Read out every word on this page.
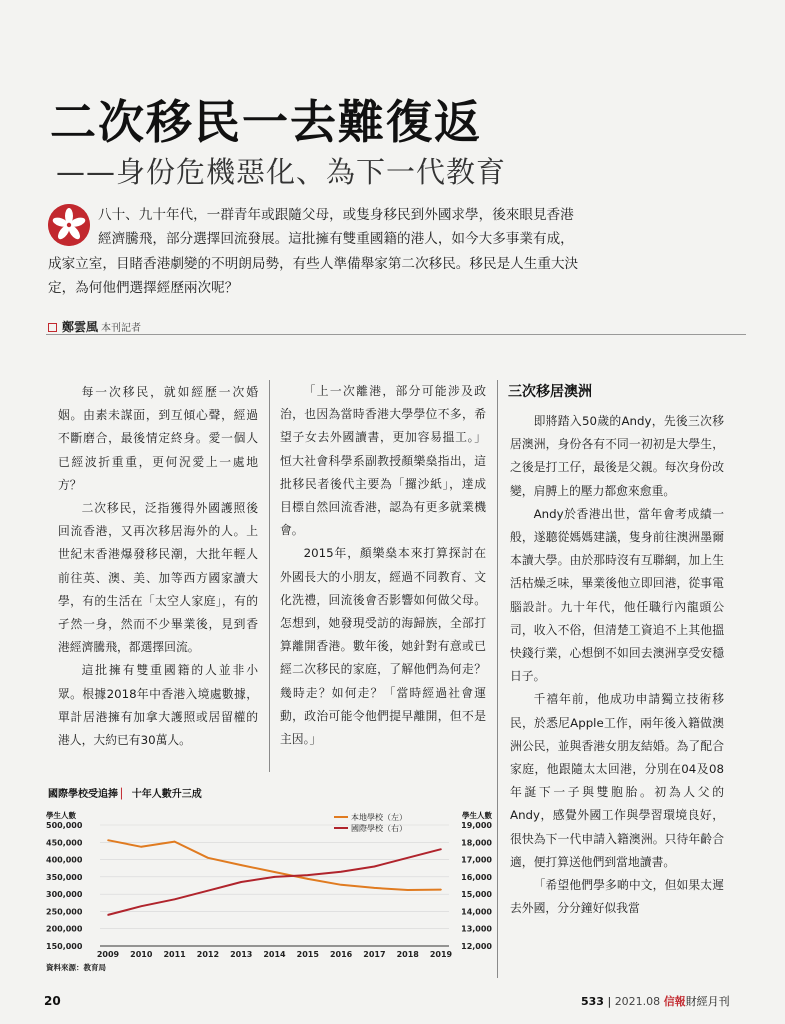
二次移民一去難復返
——身份危機惡化、為下一代教育
八十、九十年代，一群青年或跟隨父母，或隻身移民到外國求學，後來眼見香港經濟騰飛，部分選擇回流發展。這批擁有雙重國籍的港人，如今大多事業有成，成家立室，目睹香港劇變的不明朗局勢，有些人準備舉家第二次移民。移民是人生重大決定，為何他們選擇經歷兩次呢？
鄭雲風 本刊記者

每一次移民，就如經歷一次婚姻。由素未謀面，到互傾心聲，經過不斷磨合，最後情定終身。愛一個人已經波折重重，更何況愛上一處地方？

二次移民，泛指獲得外國護照後回流香港，又再次移居海外的人。上世紀末香港爆發移民潮，大批年輕人前往英、澳、美、加等西方國家讀大學，有的生活在「太空人家庭」，有的孑然一身，然而不少畢業後，見到香港經濟騰飛，都選擇回流。

這批擁有雙重國籍的人並非小眾。根據2018年中香港入境處數據，單計居港擁有加拿大護照或居留權的港人，大約已有30萬人。

「上一次離港，部分可能涉及政治，也因為當時香港大學學位不多，希望子女去外國讀書，更加容易搵工。」恒大社會科學系副教授顏樂燊指出，這批移民者後代主要為「攞沙紙」，達成目標自然回流香港，認為有更多就業機會。

2015年，顏樂燊本來打算探討在外國長大的小朋友，經過不同教育、文化洗禮，回流後會否影響如何做父母。怎想到，她發現受訪的海歸族，全部打算離開香港。數年後，她針對有意或已經二次移民的家庭，了解他們為何走？幾時走？如何走？「當時經過社會運動，政治可能令他們提早離開，但不是主因。」

三次移居澳洲

即將踏入50歲的Andy，先後三次移居澳洲，身份各有不同一初初是大學生，之後是打工仔，最後是父親。每次身份改變，肩膊上的壓力都愈來愈重。

Andy於香港出世，當年會考成績一般，遂聽從媽媽建議，隻身前往澳洲墨爾本讀大學。由於那時沒有互聯網，加上生活枯燥乏味，畢業後他立即回港，從事電腦設計。九十年代，他任職行內龍頭公司，收入不俗，但清楚工資追不上其他搵快錢行業，心想倒不如回去澳洲享受安穩日子。

千禧年前，他成功申請獨立技術移民，於悉尼Apple工作，兩年後入籍做澳洲公民，並與香港女朋友結婚。為了配合家庭，他跟隨太太回港，分別在04及08年誕下一子與雙胞胎。初為人父的Andy，感覺外國工作與學習環境良好，很快為下一代申請入籍澳洲。只待年齡合適，便打算送他們到當地讀書。

「希望他們學多啲中文，但如果太遲去外國，分分鐘好似我當

國際學校受追捧 ▏ 十年人數升三成
學生人數	學生人數
500,000
450,000
400,000
350,000
300,000
250,000
200,000
150,000
19,000
18,000
17,000
16,000
15,000
14,000
13,000
12,000
2009 2010 2011 2012 2013 2014 2015 2016 2017 2018 2019
本地學校（左）
國際學校（右）
資料來源：教育局
20	533 | 2021.08 信報財經月刊
